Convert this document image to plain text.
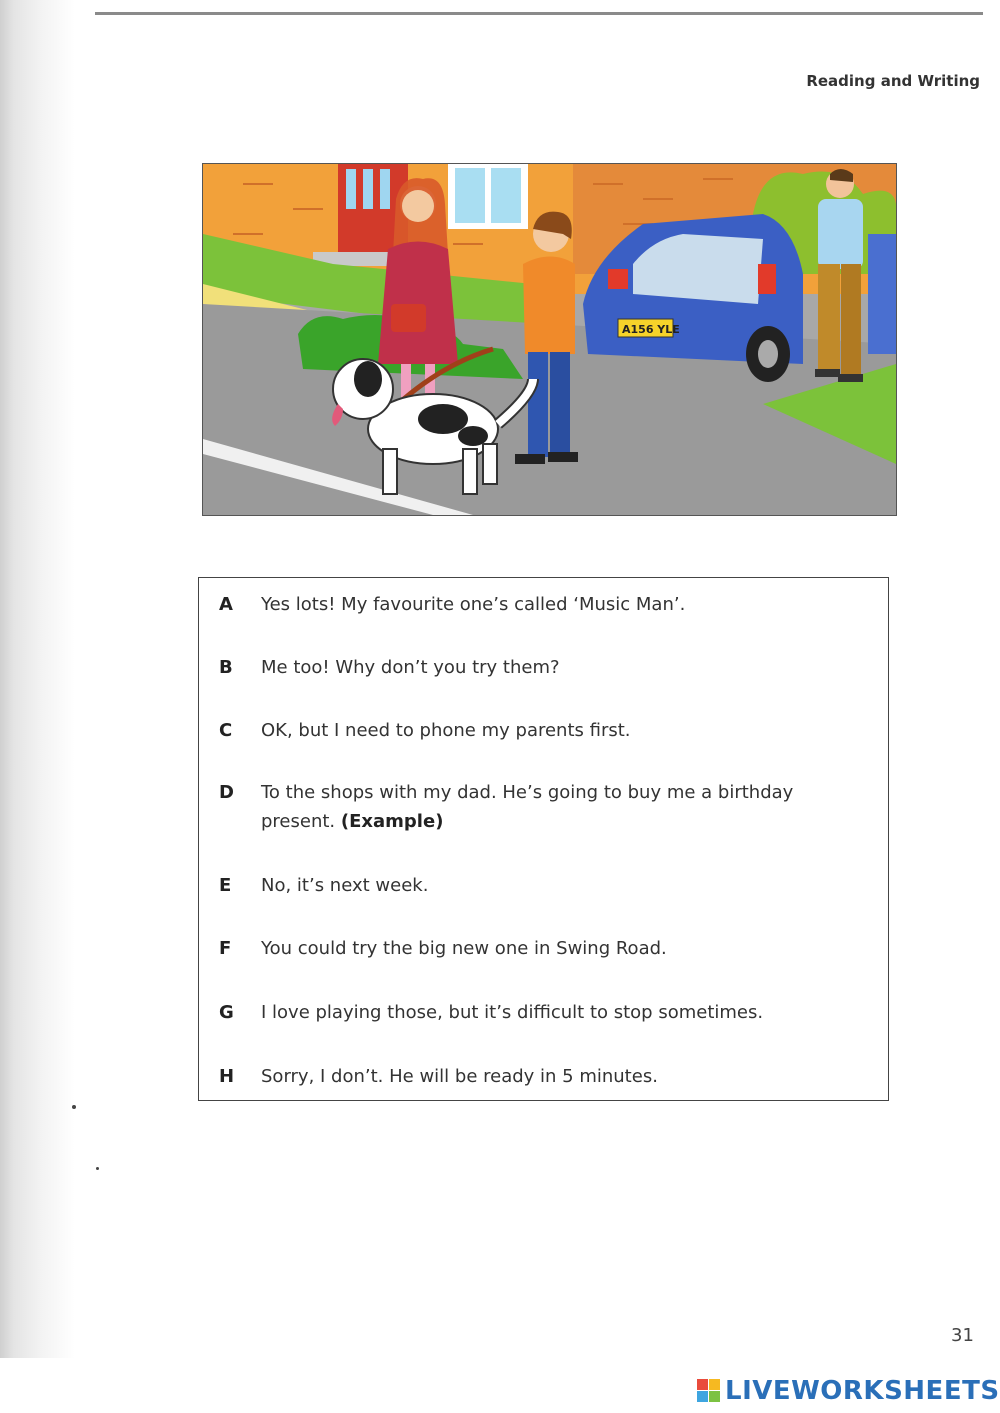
Reading and Writing
A156 YLE
A	Yes lots! My favourite one’s called ‘Music Man’.
B	Me too! Why don’t you try them?
C	OK, but I need to phone my parents first.
D	To the shops with my dad. He’s going to buy me a birthday present. (Example)
E	No, it’s next week.
F	You could try the big new one in Swing Road.
G	I love playing those, but it’s difficult to stop sometimes.
H	Sorry, I don’t. He will be ready in 5 minutes.
31
LIVEWORKSHEETS
